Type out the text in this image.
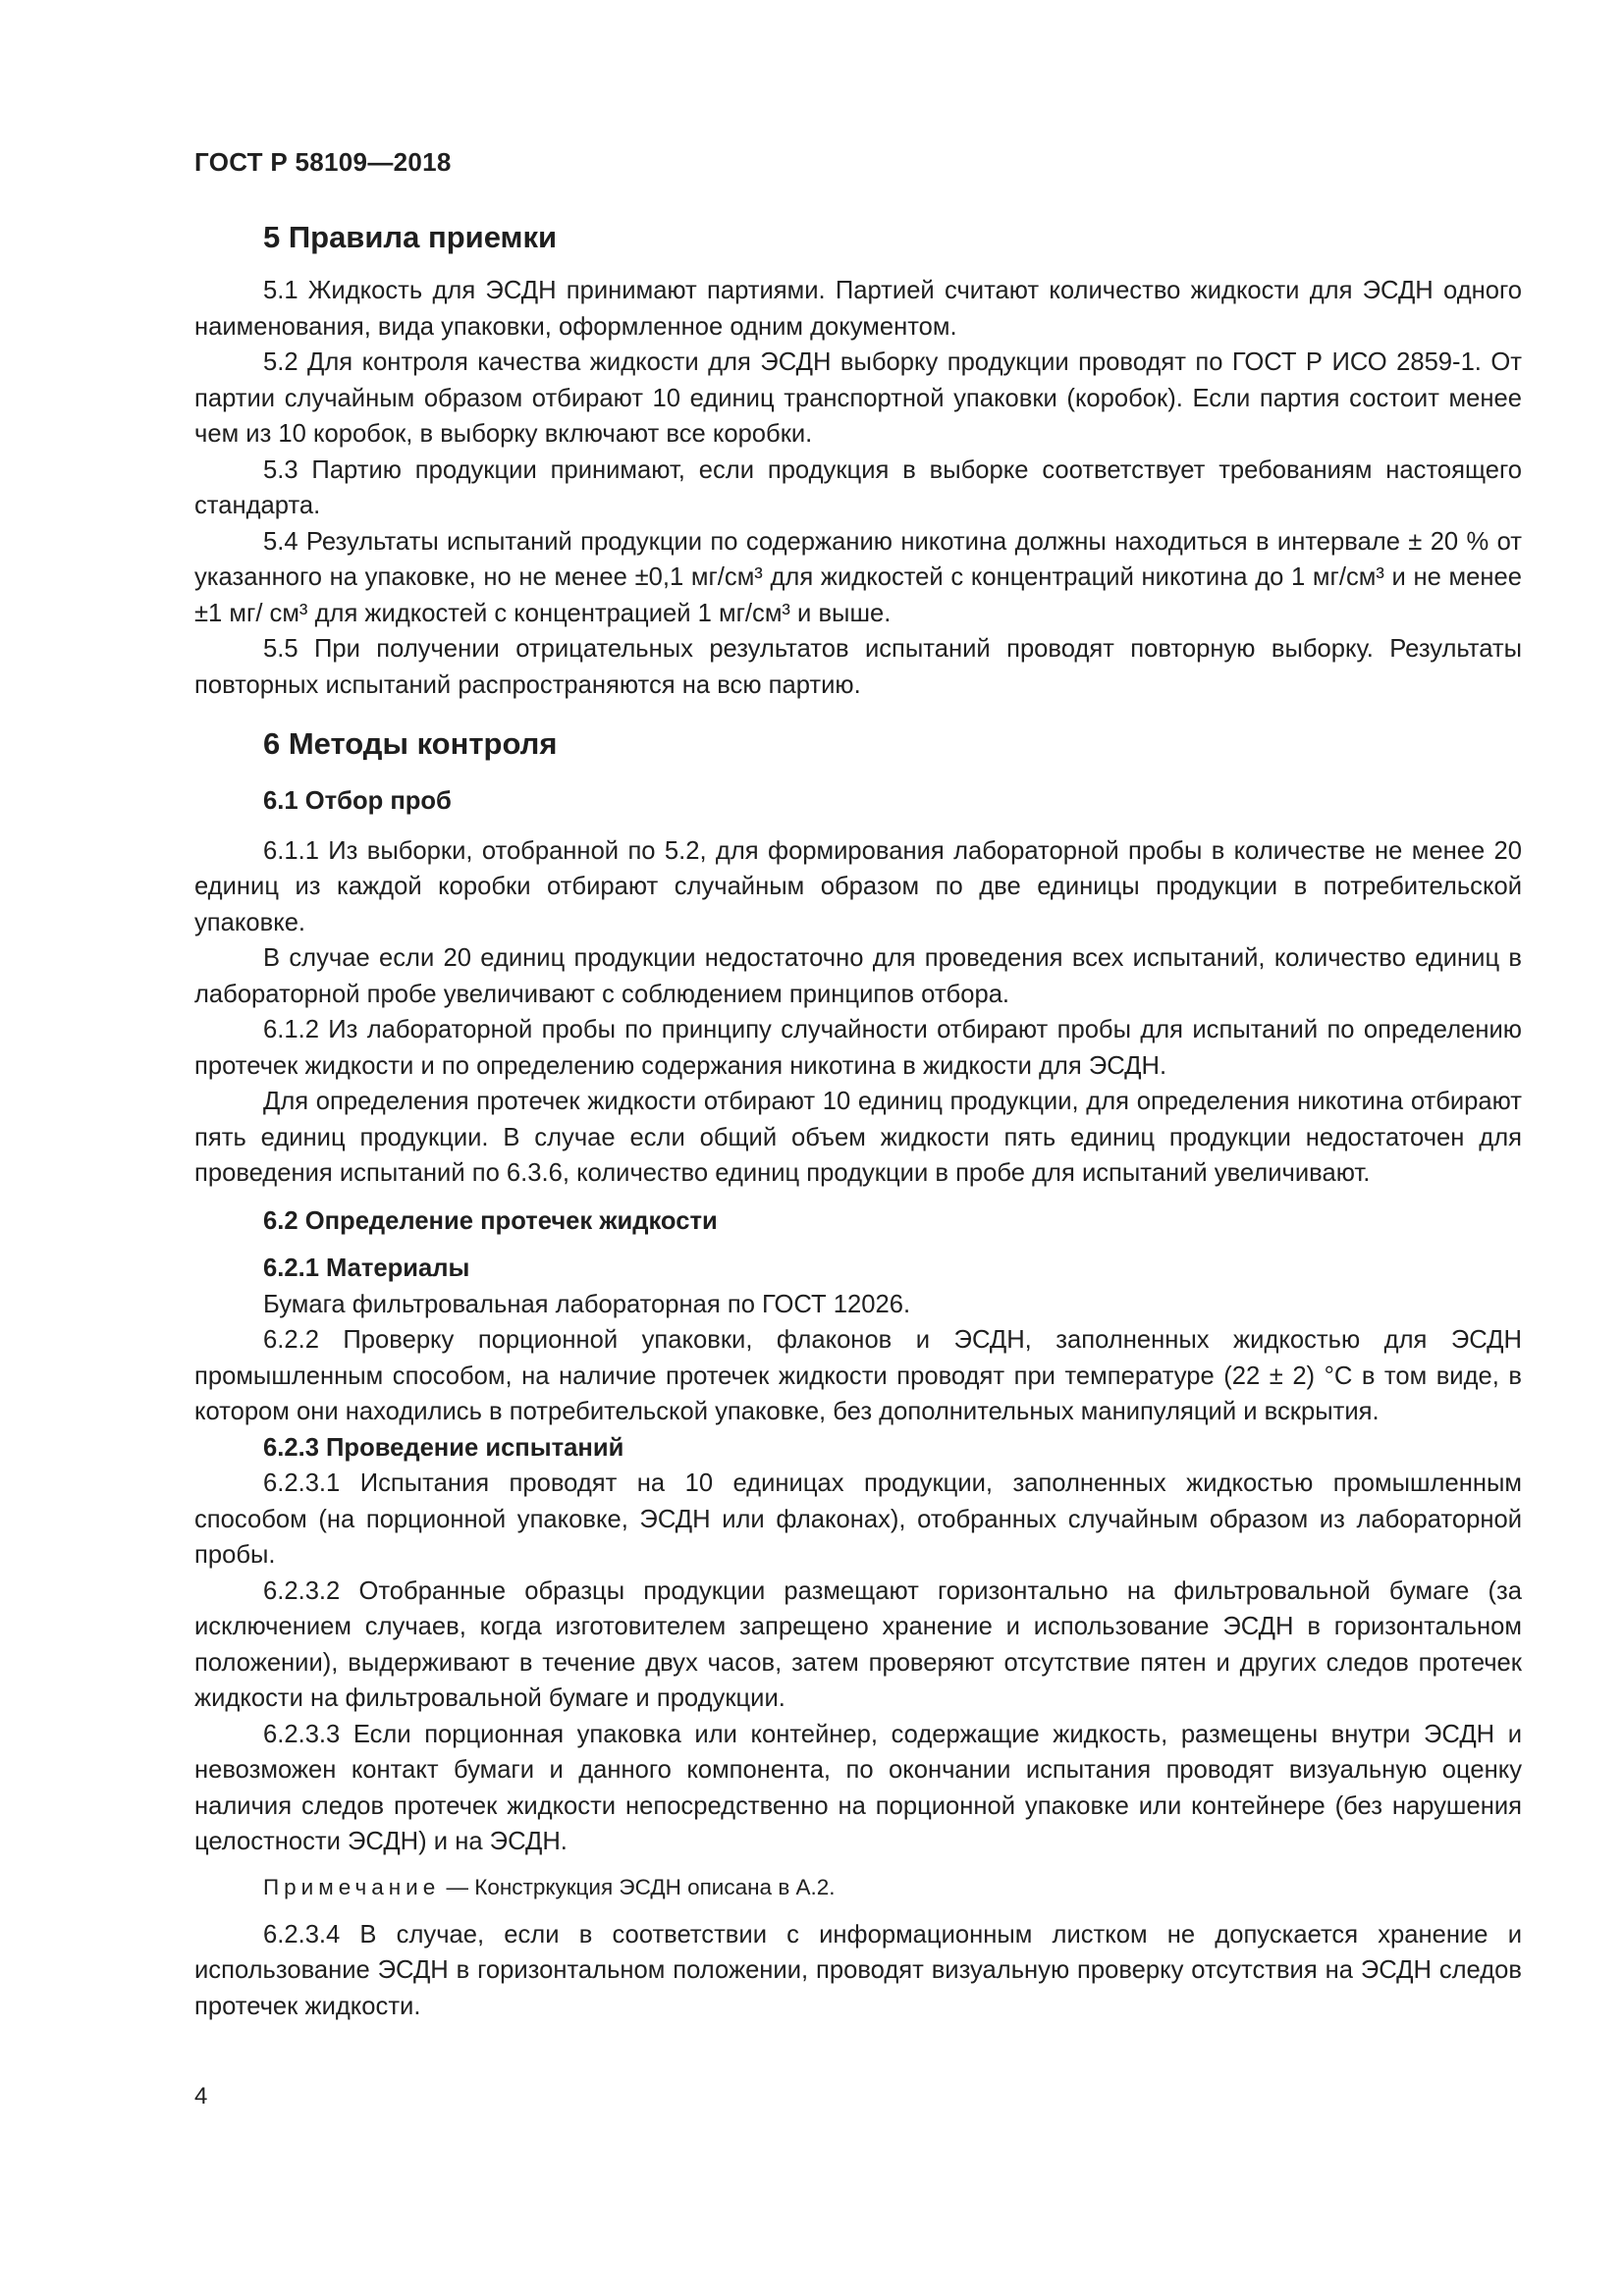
ГОСТ Р 58109—2018
5 Правила приемки

5.1 Жидкость для ЭСДН принимают партиями. Партией считают количество жидкости для ЭСДН одного наименования, вида упаковки, оформленное одним документом.

5.2 Для контроля качества жидкости для ЭСДН выборку продукции проводят по ГОСТ Р ИСО 2859-1. От партии случайным образом отбирают 10 единиц транспортной упаковки (коробок). Если партия состоит менее чем из 10 коробок, в выборку включают все коробки.

5.3 Партию продукции принимают, если продукция в выборке соответствует требованиям настоящего стандарта.

5.4 Результаты испытаний продукции по содержанию никотина должны находиться в интервале ± 20 % от указанного на упаковке, но не менее ±0,1 мг/см³ для жидкостей с концентраций никотина до 1 мг/см³ и не менее ±1 мг/ см³ для жидкостей с концентрацией 1 мг/см³ и выше.

5.5 При получении отрицательных результатов испытаний проводят повторную выборку. Результаты повторных испытаний распространяются на всю партию.

6 Методы контроля
6.1 Отбор проб

6.1.1 Из выборки, отобранной по 5.2, для формирования лабораторной пробы в количестве не менее 20 единиц из каждой коробки отбирают случайным образом по две единицы продукции в потребительской упаковке.

В случае если 20 единиц продукции недостаточно для проведения всех испытаний, количество единиц в лабораторной пробе увеличивают с соблюдением принципов отбора.

6.1.2 Из лабораторной пробы по принципу случайности отбирают пробы для испытаний по определению протечек жидкости и по определению содержания никотина в жидкости для ЭСДН.

Для определения протечек жидкости отбирают 10 единиц продукции, для определения никотина отбирают пять единиц продукции. В случае если общий объем жидкости пять единиц продукции недостаточен для проведения испытаний по 6.3.6, количество единиц продукции в пробе для испытаний увеличивают.

6.2 Определение протечек жидкости
6.2.1 Материалы

Бумага фильтровальная лабораторная по ГОСТ 12026.

6.2.2 Проверку порционной упаковки, флаконов и ЭСДН, заполненных жидкостью для ЭСДН промышленным способом, на наличие протечек жидкости проводят при температуре (22 ± 2) °С в том виде, в котором они находились в потребительской упаковке, без дополнительных манипуляций и вскрытия.

6.2.3 Проведение испытаний

6.2.3.1 Испытания проводят на 10 единицах продукции, заполненных жидкостью промышленным способом (на порционной упаковке, ЭСДН или флаконах), отобранных случайным образом из лабораторной пробы.

6.2.3.2 Отобранные образцы продукции размещают горизонтально на фильтровальной бумаге (за исключением случаев, когда изготовителем запрещено хранение и использование ЭСДН в горизонтальном положении), выдерживают в течение двух часов, затем проверяют отсутствие пятен и других следов протечек жидкости на фильтровальной бумаге и продукции.

6.2.3.3 Если порционная упаковка или контейнер, содержащие жидкость, размещены внутри ЭСДН и невозможен контакт бумаги и данного компонента, по окончании испытания проводят визуальную оценку наличия следов протечек жидкости непосредственно на порционной упаковке или контейнере (без нарушения целостности ЭСДН) и на ЭСДН.

Примечание — Констркукция ЭСДН описана в А.2.

6.2.3.4 В случае, если в соответствии с информационным листком не допускается хранение и использование ЭСДН в горизонтальном положении, проводят визуальную проверку отсутствия на ЭСДН следов протечек жидкости.

4
